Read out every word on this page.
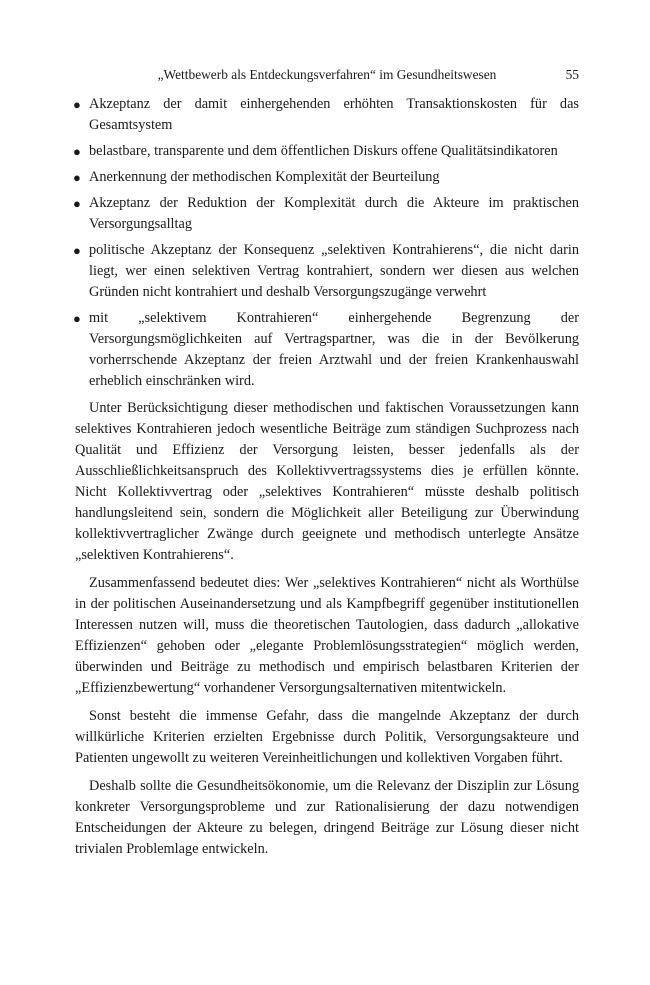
„Wettbewerb als Entdeckungsverfahren“ im Gesundheitswesen	55
● Akzeptanz der damit einhergehenden erhöhten Transaktionskosten für das Gesamtsystem
● belastbare, transparente und dem öffentlichen Diskurs offene Qualitätsindikatoren
● Anerkennung der methodischen Komplexität der Beurteilung
● Akzeptanz der Reduktion der Komplexität durch die Akteure im praktischen Versorgungsalltag
● politische Akzeptanz der Konsequenz „selektiven Kontrahierens“, die nicht darin liegt, wer einen selektiven Vertrag kontrahiert, sondern wer diesen aus welchen Gründen nicht kontrahiert und deshalb Versorgungszugänge verwehrt
● mit „selektivem Kontrahieren“ einhergehende Begrenzung der Versorgungsmöglichkeiten auf Vertragspartner, was die in der Bevölkerung vorherrschende Akzeptanz der freien Arztwahl und der freien Krankenhauswahl erheblich einschränken wird.

Unter Berücksichtigung dieser methodischen und faktischen Voraussetzungen kann selektives Kontrahieren jedoch wesentliche Beiträge zum ständigen Suchprozess nach Qualität und Effizienz der Versorgung leisten, besser jedenfalls als der Ausschließlichkeitsanspruch des Kollektivvertragssystems dies je erfüllen könnte. Nicht Kollektivvertrag oder „selektives Kontrahieren“ müsste deshalb politisch handlungsleitend sein, sondern die Möglichkeit aller Beteiligung zur Überwindung kollektivvertraglicher Zwänge durch geeignete und methodisch unterlegte Ansätze „selektiven Kontrahierens“.

Zusammenfassend bedeutet dies: Wer „selektives Kontrahieren“ nicht als Worthülse in der politischen Auseinandersetzung und als Kampfbegriff gegenüber institutionellen Interessen nutzen will, muss die theoretischen Tautologien, dass dadurch „allokative Effizienzen“ gehoben oder „elegante Problemlösungsstrategien“ möglich werden, überwinden und Beiträge zu methodisch und empirisch belastbaren Kriterien der „Effizienzbewertung“ vorhandener Versorgungsalternativen mitentwickeln.

Sonst besteht die immense Gefahr, dass die mangelnde Akzeptanz der durch willkürliche Kriterien erzielten Ergebnisse durch Politik, Versorgungsakteure und Patienten ungewollt zu weiteren Vereinheitlichungen und kollektiven Vorgaben führt.

Deshalb sollte die Gesundheitsökonomie, um die Relevanz der Disziplin zur Lösung konkreter Versorgungsprobleme und zur Rationalisierung der dazu notwendigen Entscheidungen der Akteure zu belegen, dringend Beiträge zur Lösung dieser nicht trivialen Problemlage entwickeln.
